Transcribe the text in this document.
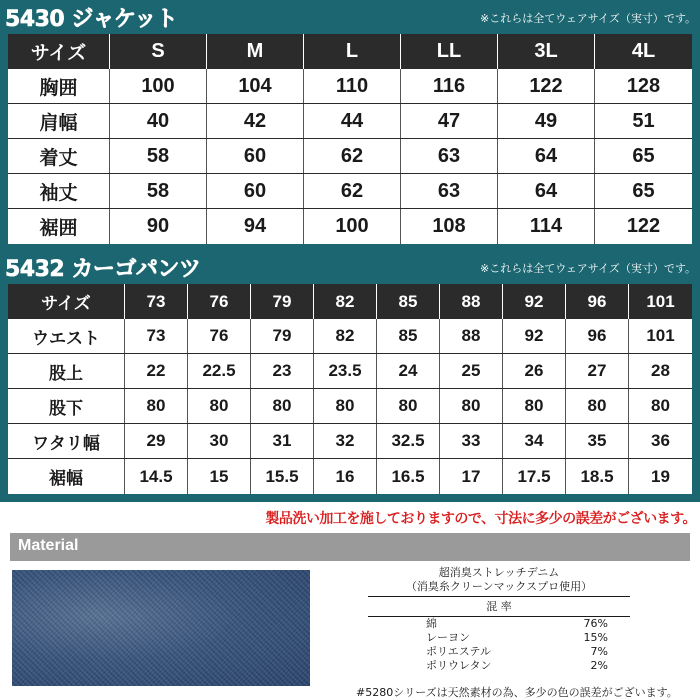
5430 ジャケット	※これらは全てウェアサイズ（実寸）です。
サイズ	S	M	L	LL	3L	4L
胸囲	100	104	110	116	122	128
肩幅	40	42	44	47	49	51
着丈	58	60	62	63	64	65
袖丈	58	60	62	63	64	65
裾囲	90	94	100	108	114	122
5432 カーゴパンツ	※これらは全てウェアサイズ（実寸）です。
サイズ	73	76	79	82	85	88	92	96	101
ウエスト	73	76	79	82	85	88	92	96	101
股上	22	22.5	23	23.5	24	25	26	27	28
股下	80	80	80	80	80	80	80	80	80
ワタリ幅	29	30	31	32	32.5	33	34	35	36
裾幅	14.5	15	15.5	16	16.5	17	17.5	18.5	19
製品洗い加工を施しておりますので、寸法に多少の誤差がございます。
Material
超消臭ストレッチデニム
（消臭糸クリーンマックスプロ使用）
混 率
綿	76%
レーヨン	15%
ポリエステル	7%
ポリウレタン	2%
#5280シリーズは天然素材の為、多少の色の誤差がございます。
